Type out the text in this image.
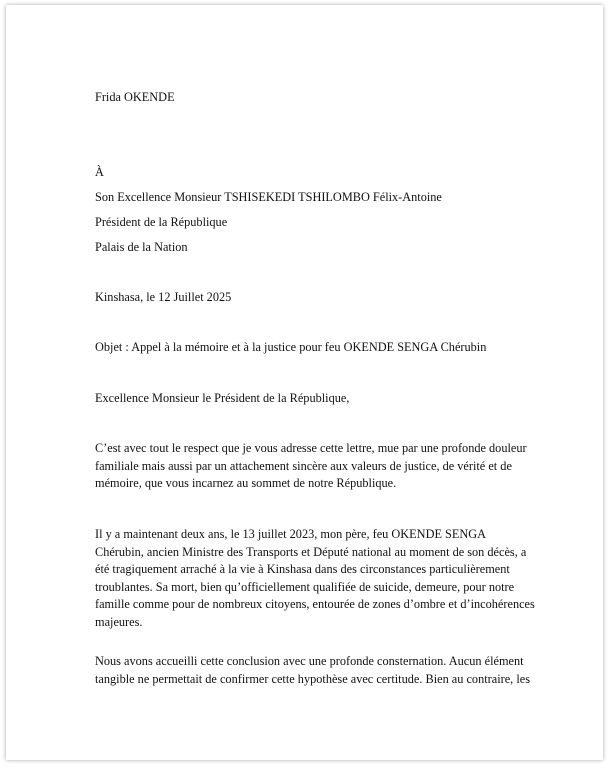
Frida OKENDE

À

Son Excellence Monsieur TSHISEKEDI TSHILOMBO Félix-Antoine

Président de la République

Palais de la Nation

Kinshasa, le 12 Juillet 2025

Objet : Appel à la mémoire et à la justice pour feu OKENDE SENGA Chérubin

Excellence Monsieur le Président de la République,

C’est avec tout le respect que je vous adresse cette lettre, mue par une profonde douleur
familiale mais aussi par un attachement sincère aux valeurs de justice, de vérité et de
mémoire, que vous incarnez au sommet de notre République.
Il y a maintenant deux ans, le 13 juillet 2023, mon père, feu OKENDE SENGA
Chérubin, ancien Ministre des Transports et Député national au moment de son décès, a
été tragiquement arraché à la vie à Kinshasa dans des circonstances particulièrement
troublantes. Sa mort, bien qu’officiellement qualifiée de suicide, demeure, pour notre
famille comme pour de nombreux citoyens, entourée de zones d’ombre et d’incohérences
majeures.
Nous avons accueilli cette conclusion avec une profonde consternation. Aucun élément
tangible ne permettait de confirmer cette hypothèse avec certitude. Bien au contraire, les
